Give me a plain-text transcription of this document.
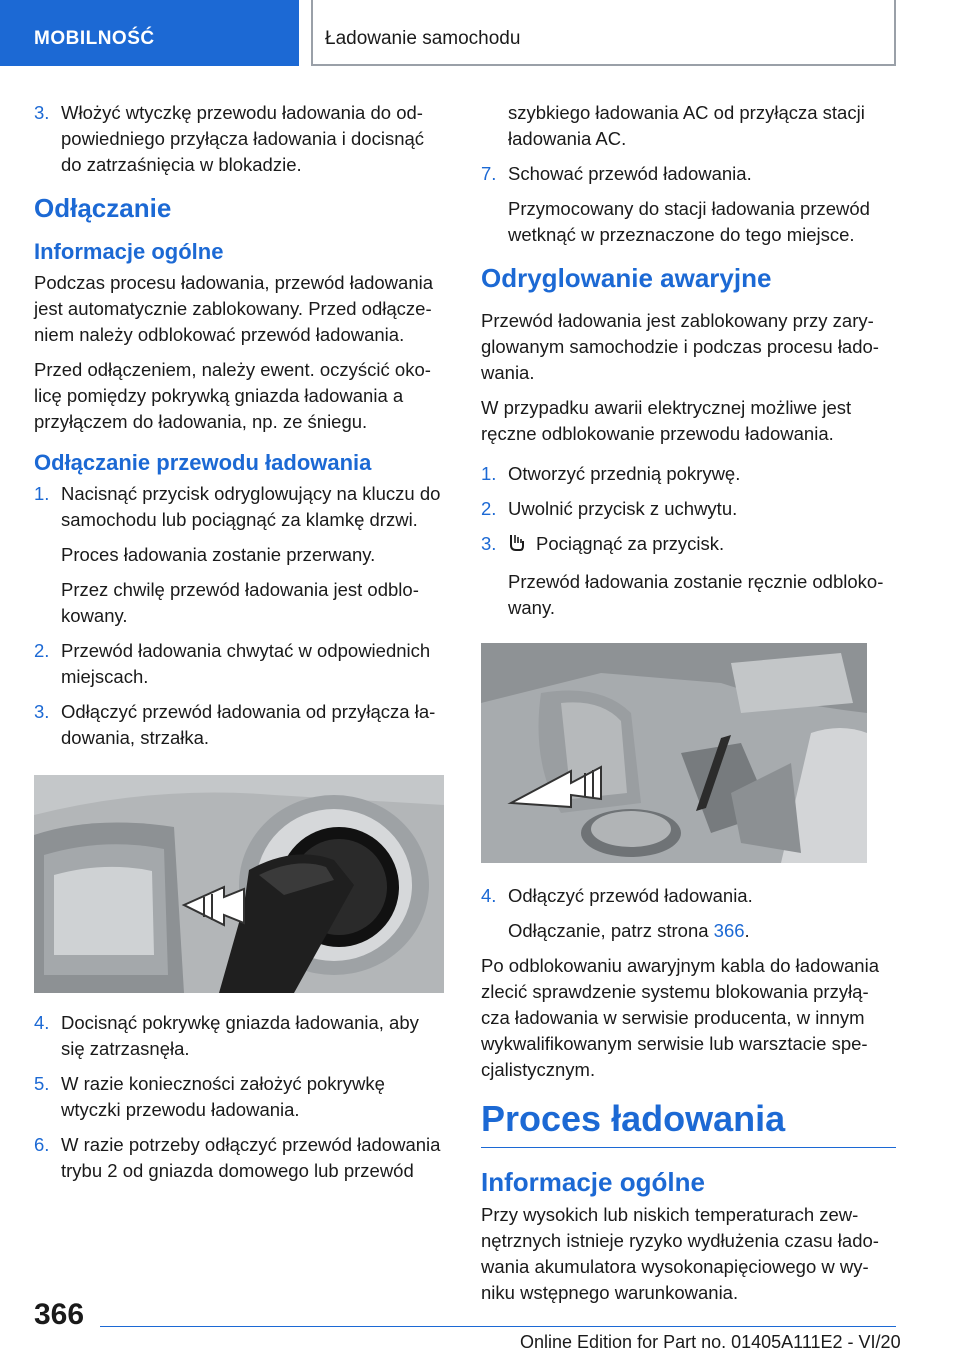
MOBILNOŚĆ	Ładowanie samochodu
3. Włożyć wtyczkę przewodu ładowania do od-powiedniego przyłącza ładowania i docisnąć do zatrzaśnięcia w blokadzie.
Odłączanie
Informacje ogólne

Podczas procesu ładowania, przewód ładowania jest automatycznie zablokowany. Przed odłącze-niem należy odblokować przewód ładowania.

Przed odłączeniem, należy ewent. oczyścić oko-licę pomiędzy pokrywką gniazda ładowania a przyłączem do ładowania, np. ze śniegu.

Odłączanie przewodu ładowania
1. Nacisnąć przycisk odryglowujący na kluczu do samochodu lub pociągnąć za klamkę drzwi.
Proces ładowania zostanie przerwany.
Przez chwilę przewód ładowania jest odblo-kowany.
2. Przewód ładowania chwytać w odpowiednich miejscach.
3. Odłączyć przewód ładowania od przyłącza ła-dowania, strzałka.
4. Docisnąć pokrywkę gniazda ładowania, aby się zatrzasnęła.
5. W razie konieczności założyć pokrywkę wtyczki przewodu ładowania.
6. W razie potrzeby odłączyć przewód ładowania trybu 2 od gniazda domowego lub przewód
szybkiego ładowania AC od przyłącza stacji ładowania AC.
7. Schować przewód ładowania.
Przymocowany do stacji ładowania przewód wetknąć w przeznaczone do tego miejsce.
Odryglowanie awaryjne

Przewód ładowania jest zablokowany przy zary-glowanym samochodzie i podczas procesu łado-wania.

W przypadku awarii elektrycznej możliwe jest ręczne odblokowanie przewodu ładowania.

1. Otworzyć przednią pokrywę.
2. Uwolnić przycisk z uchwytu.
3. Pociągnąć za przycisk.
Przewód ładowania zostanie ręcznie odbloko-wany.
4. Odłączyć przewód ładowania.
Odłączanie, patrz strona 366.

Po odblokowaniu awaryjnym kabla do ładowania zlecić sprawdzenie systemu blokowania przyłą-cza ładowania w serwisie producenta, w innym wykwalifikowanym serwisie lub warsztacie spe-cjalistycznym.

Proces ładowania
Informacje ogólne

Przy wysokich lub niskich temperaturach zew-nętrznych istnieje ryzyko wydłużenia czasu łado-wania akumulatora wysokonapięciowego w wy-niku wstępnego warunkowania.

366
Online Edition for Part no. 01405A111E2 - VI/20
